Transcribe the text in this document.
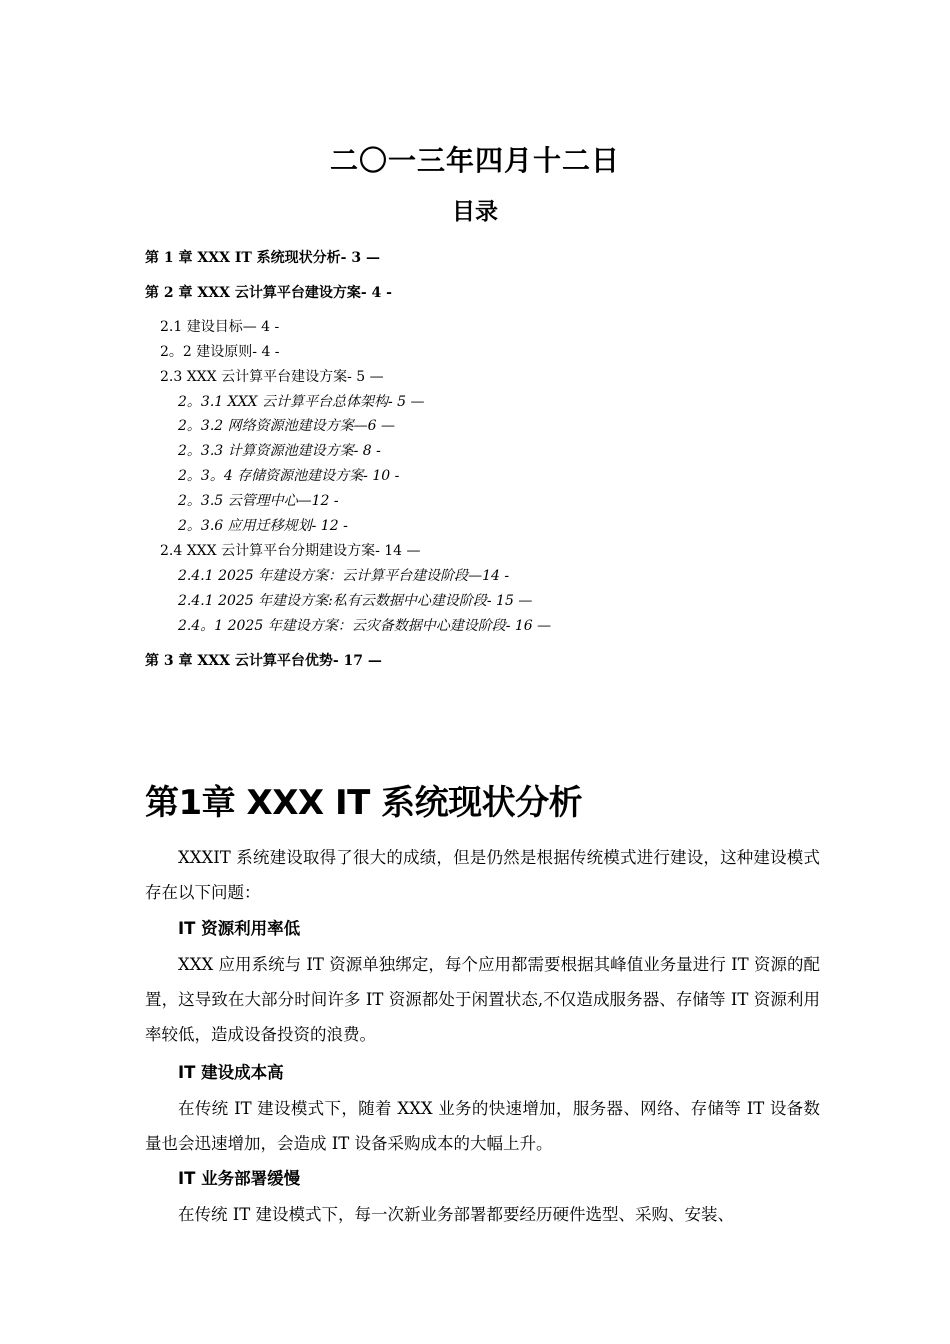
二〇一三年四月十二日
目录
第 1 章 XXX IT 系统现状分析- 3 —
第 2 章 XXX 云计算平台建设方案- 4 -
2.1 建设目标— 4 -
2。2 建设原则- 4 -
2.3 XXX 云计算平台建设方案- 5 —
2。3.1 XXX 云计算平台总体架构- 5 —
2。3.2 网络资源池建设方案—6 —
2。3.3 计算资源池建设方案- 8 -
2。3。4 存储资源池建设方案- 10 -
2。3.5 云管理中心—12 -
2。3.6 应用迁移规划- 12 -
2.4 XXX 云计算平台分期建设方案- 14 —
2.4.1 2025 年建设方案：云计算平台建设阶段—14 -
2.4.1 2025 年建设方案:私有云数据中心建设阶段- 15 —
2.4。1 2025 年建设方案：云灾备数据中心建设阶段- 16 —
第 3 章 XXX 云计算平台优势- 17 —
第1章 XXX IT 系统现状分析
XXXIT 系统建设取得了很大的成绩，但是仍然是根据传统模式进行建设，这种建设模式存在以下问题：
IT 资源利用率低
XXX 应用系统与 IT 资源单独绑定，每个应用都需要根据其峰值业务量进行 IT 资源的配置，这导致在大部分时间许多 IT 资源都处于闲置状态,不仅造成服务器、存储等 IT 资源利用率较低，造成设备投资的浪费。
IT 建设成本高
在传统 IT 建设模式下，随着 XXX 业务的快速增加，服务器、网络、存储等 IT 设备数量也会迅速增加，会造成 IT 设备采购成本的大幅上升。
IT 业务部署缓慢
在传统 IT 建设模式下，每一次新业务部署都要经历硬件选型、采购、安装、
